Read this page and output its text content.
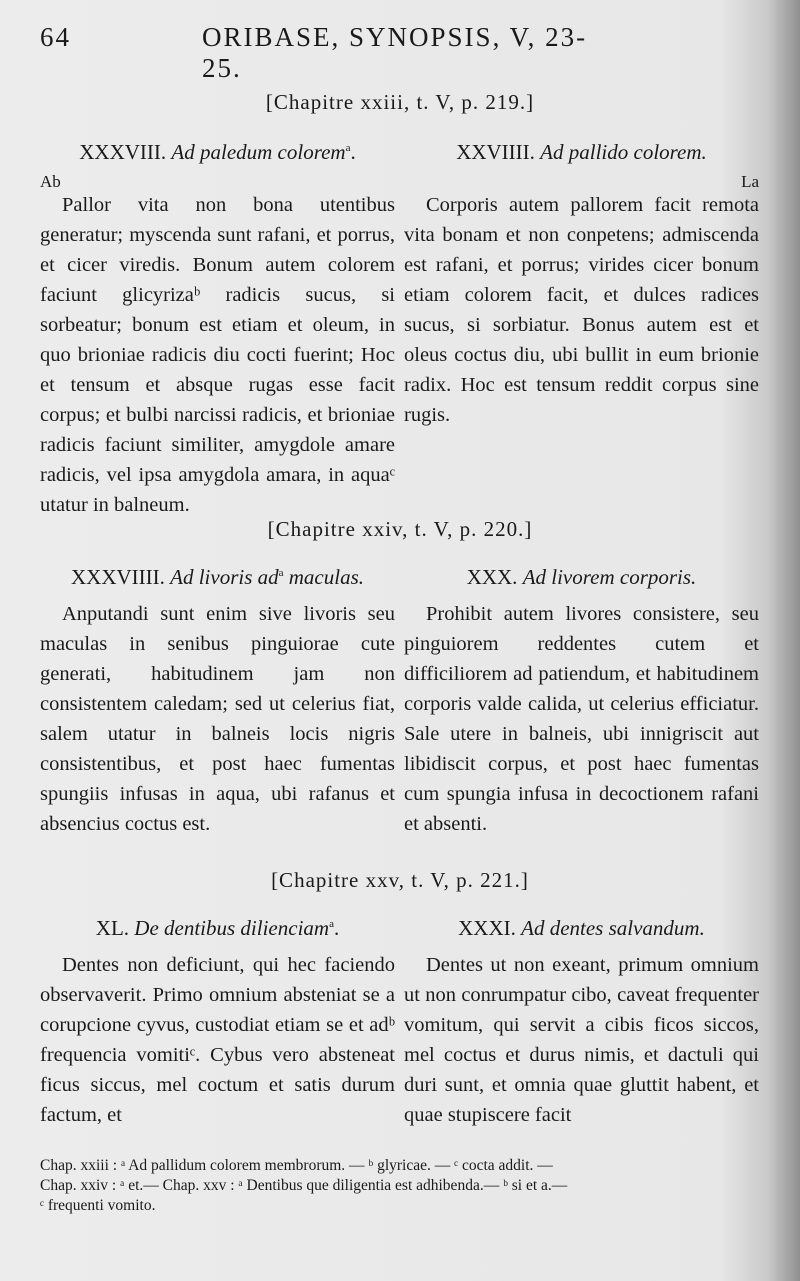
64	ORIBASE, SYNOPSIS, V, 23-25.
[Chapitre xxiii, t. V, p. 219.]
XXXVIII. Ad paledum colorem$^a$.
Ab
Pallor vita non bona utentibus generatur; myscenda sunt rafani, et porrus, et cicer viredis. Bonum autem colorem faciunt glicyrizaᵇ radicis sucus, si sorbeatur; bonum est etiam et oleum, in quo brioniae radicis diu cocti fuerint; Hoc et tensum et absque rugas esse facit corpus; et bulbi narcissi radicis, et brioniae radicis faciunt similiter, amygdole amare radicis, vel ipsa amygdola amara, in aquaᶜ utatur in balneum.
XXVIIII. Ad pallido colorem.
La
Corporis autem pallorem facit remota vita bonam et non conpetens; admiscenda est rafani, et porrus; virides cicer bonum etiam colorem facit, et dulces radices sucus, si sorbiatur. Bonus autem est et oleus coctus diu, ubi bullit in eum brionie radix. Hoc est tensum reddit corpus sine rugis.
[Chapitre xxiv, t. V, p. 220.]
XXXVIIII. Ad livoris $ad^a$ maculas.
Anputandi sunt enim sive livoris seu maculas in senibus pinguiorae cute generati, habitudinem jam non consistentem caledam; sed ut celerius fiat, salem utatur in balneis locis nigris consistentibus, et post haec fumentas spungiis infusas in aqua, ubi rafanus et absencius coctus est.
XXX. Ad livorem corporis.
Prohibit autem livores consistere, seu pinguiorem reddentes cutem et difficiliorem ad patiendum, et habitudinem corporis valde calida, ut celerius efficiatur. Sale utere in balneis, ubi innigriscit aut libidiscit corpus, et post haec fumentas cum spungia infusa in decoctionem rafani et absenti.
[Chapitre xxv, t. V, p. 221.]
XL. De dentibus dilienciam$^a$.
Dentes non deficiunt, qui hec faciendo observaverit. Primo omnium absteniat se a corupcione cyvus, custodiat etiam se et adᵇ frequencia vomitiᶜ. Cybus vero absteneat ficus siccus, mel coctum et satis durum factum, et
XXXI. Ad dentes salvandum.
Dentes ut non exeant, primum omnium ut non conrumpatur cibo, caveat frequenter vomitum, qui servit a cibis ficos siccos, mel coctus et durus nimis, et dactuli qui duri sunt, et omnia quae gluttit habent, et quae stupiscere facit
Chap. xxiii : ᵃ Ad pallidum colorem membrorum. — ᵇ glyricae. — ᶜ cocta addit. —
Chap. xxiv : ᵃ et.— Chap. xxv : ᵃ Dentibus que diligentia est adhibenda.— ᵇ si et a.—
ᶜ frequenti vomito.
